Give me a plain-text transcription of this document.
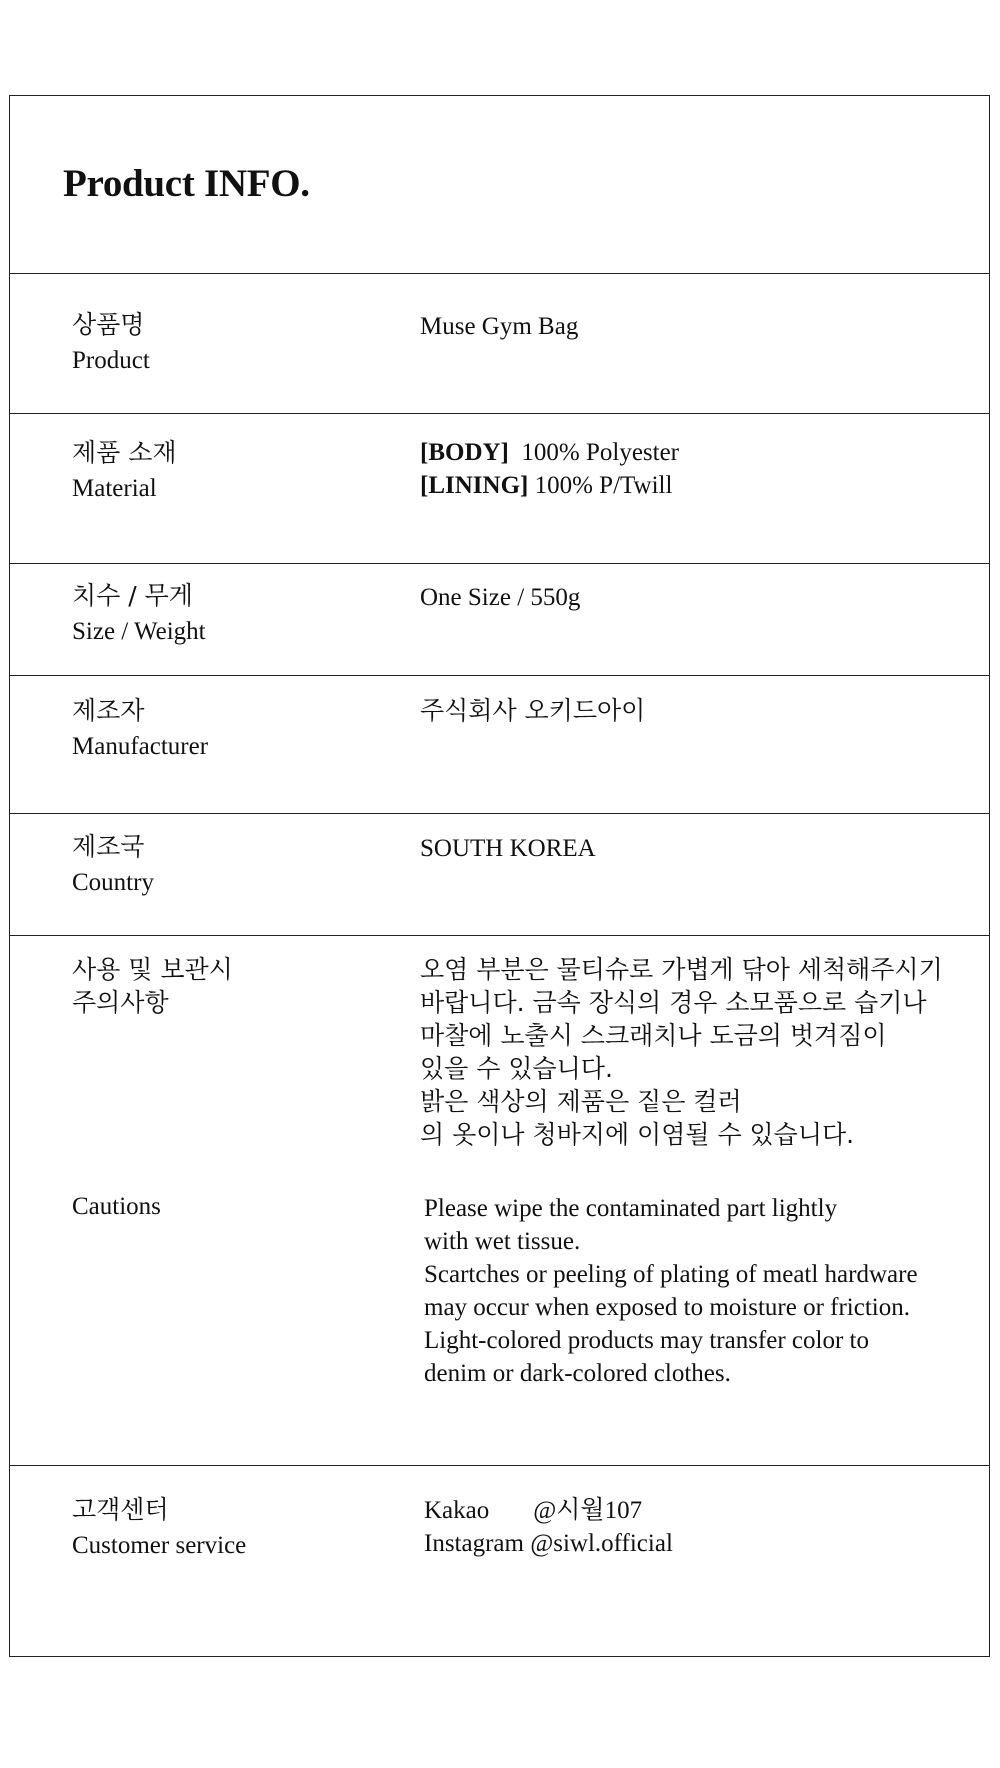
Product INFO.
상품명
Product
Muse Gym Bag
제품 소재
Material
[BODY] 100% Polyester
[LINING] 100% P/Twill
치수 / 무게
Size / Weight
One Size / 550g
제조자
Manufacturer
주식회사 오키드아이
제조국
Country
SOUTH KOREA
사용 및 보관시
주의사항
오염 부분은 물티슈로 가볍게 닦아 세척해주시기
바랍니다. 금속 장식의 경우 소모품으로 습기나
마찰에 노출시 스크래치나 도금의 벗겨짐이
있을 수 있습니다.
밝은 색상의 제품은 짙은 컬러
의 옷이나 청바지에 이염될 수 있습니다.
Cautions	Please wipe the contaminated part lightly
with wet tissue.
Scartches or peeling of plating of meatl hardware
may occur when exposed to moisture or friction.
Light-colored products may transfer color to
denim or dark-colored clothes.
고객센터
Customer service
Kakao @시월107
Instagram @siwl.official
